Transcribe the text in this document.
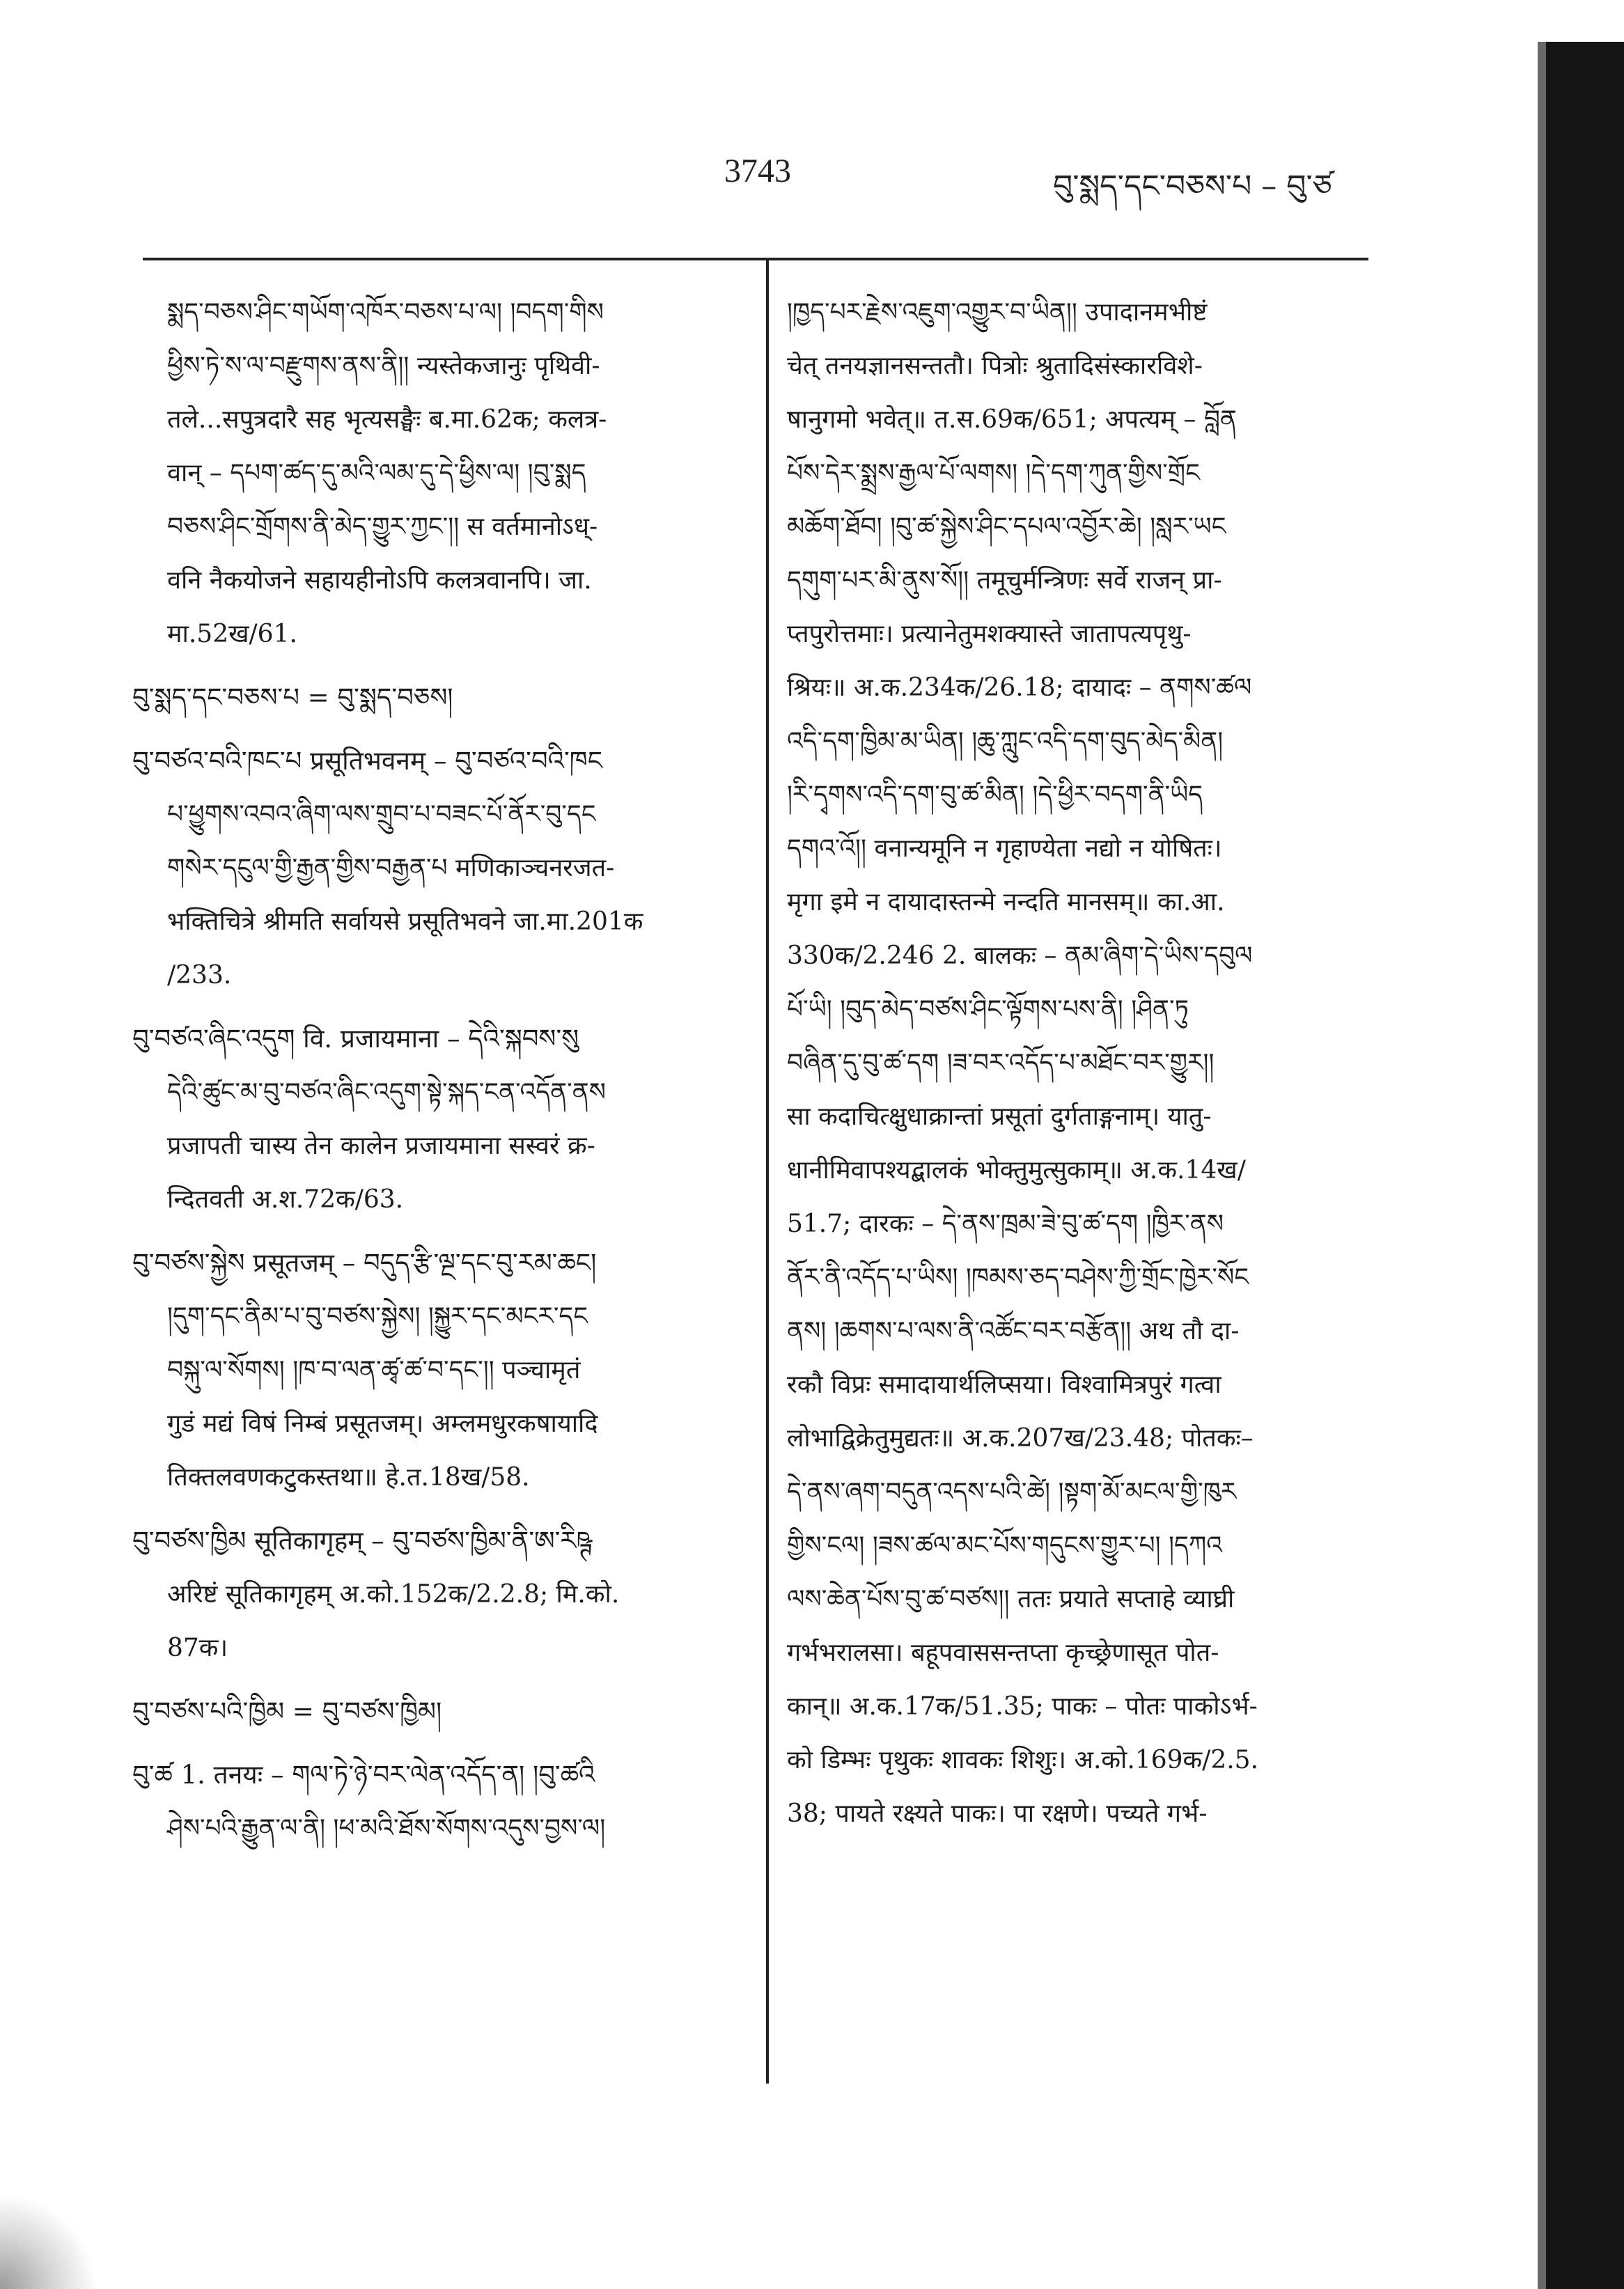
3743	བུ་སྨད་དང་བཅས་པ – བུ་ཙ
སྨད་བཅས་ཤིང་གཡོག་འཁོར་བཅས་པ་ལ། །བདག་གིས
ཕྱིས་ཏེ་ས་ལ་བརྫུགས་ནས་ནི།། न्यस्तेकजानुः पृथिवी-
तले...सपुत्रदारै सह भृत्यसङ्घैः ब.मा.62क; कलत्र-
वान् – དཔག་ཚད་དུ་མའི་ལམ་དུ་དེ་ཕྱིས་ལ། །བུ་སྨད
བཅས་ཤིང་གྲོགས་ནི་མེད་གྱུར་ཀྱང་།། स वर्तमानोऽध्-
वनि नैकयोजने सहायहीनोऽपि कलत्रवानपि। जा.
मा.52ख/61.
བུ་སྨད་དང་བཅས་པ = བུ་སྨད་བཅས།
བུ་བཙའ་བའི་ཁང་པ प्रसूतिभवनम् – བུ་བཙའ་བའི་ཁང
པ་ཕྱུགས་འབའ་ཞིག་ལས་གྲུབ་པ་བཟང་པོ་ནོར་བུ་དང
གསེར་དངུལ་གྱི་རྒྱན་གྱིས་བརྒྱན་པ मणिकाञ्चनरजत-
भक्तिचित्रे श्रीमति सर्वायसे प्रसूतिभवने जा.मा.201क
/233.
བུ་བཙའ་ཞིང་འདུག वि. प्रजायमाना – དེའི་སྐབས་སུ
དེའི་ཚུང་མ་བུ་བཙའ་ཞིང་འདུག་སྟེ་སྐད་ངན་འདོན་ནས
प्रजापती चास्य तेन कालेन प्रजायमाना सस्वरं क्र-
न्दितवती अ.श.72क/63.
བུ་བཙས་སྐྱེས प्रसूतजम् – བདུད་རྩི་ལྔ་དང་བུ་རམ་ཆང།
།དུག་དང་ནིམ་པ་བུ་བཙས་སྐྱེས། །སྐྱུར་དང་མངར་དང
བསྐུ་ལ་སོགས། །ཁ་བ་ལན་ཚྭ་ཚ་བ་དང་།། पञ्चामृतं
गुडं मद्यं विषं निम्बं प्रसूतजम्। अम्लमधुरकषायादि
तिक्तलवणकटुकस्तथा॥ हे.त.18ख/58.
བུ་བཙས་ཁྱིམ सूतिकागृहम् – བུ་བཙས་ཁྱིམ་ནི་ཨ་རིཥྚ
अरिष्टं सूतिकागृहम् अ.को.152क/2.2.8; मि.को.
87क।
བུ་བཙས་པའི་ཁྱིམ = བུ་བཙས་ཁྱིམ།
བུ་ཚ 1. तनयः – གལ་ཏེ་ཉེ་བར་ལེན་འདོད་ན། །བུ་ཚའི
ཤེས་པའི་རྒྱུན་ལ་ནི། །ཕ་མའི་ཐོས་སོགས་འདུས་བྱས་ལ།
།ཁྱད་པར་རྗེས་འཇུག་འགྱུར་བ་ཡིན།། उपादानमभीष्टं
चेत् तनयज्ञानसन्ततौ। पित्रोः श्रुतादिसंस्कारविशे-
षानुगमो भवेत्॥ त.स.69क/651; अपत्यम् – བློན
པོས་དེར་སྨྲས་རྒྱལ་པོ་ལགས། །དེ་དག་ཀུན་གྱིས་གྲོང
མཆོག་ཐོབ། །བུ་ཚ་སྐྱེས་ཤིང་དཔལ་འབྱོར་ཆེ། །སླར་ཡང
དགུག་པར་མི་ནུས་སོ།། तमूचुर्मन्त्रिणः सर्वे राजन् प्रा-
प्तपुरोत्तमाः। प्रत्यानेतुमशक्यास्ते जातापत्यपृथु-
श्रियः॥ अ.क.234क/26.18; दायादः – ནགས་ཚལ
འདི་དག་ཁྱིམ་མ་ཡིན། །ཆུ་ཀླུང་འདི་དག་བུད་མེད་མིན།
།རི་དྭགས་འདི་དག་བུ་ཚ་མིན། །དེ་ཕྱིར་བདག་ནི་ཡིད
དགའ་འོ།། वनान्यमूनि न गृहाण्येता नद्यो न योषितः।
मृगा इमे न दायादास्तन्मे नन्दति मानसम्॥ का.आ.
330क/2.246 2. बालकः – ནམ་ཞིག་དེ་ཡིས་དབུལ
པོ་ཡི། །བུད་མེད་བཙས་ཤིང་ལྟོགས་པས་ནི། །ཤིན་ཏུ
བཞིན་དུ་བུ་ཚ་དག །ཟ་བར་འདོད་པ་མཐོང་བར་གྱུར།།
सा कदाचित्क्षुधाक्रान्तां प्रसूतां दुर्गताङ्गनाम्। यातु-
धानीमिवापश्यद्बालकं भोक्तुमुत्सुकाम्॥ अ.क.14ख/
51.7; दारकः – དེ་ནས་ཁྲམ་ཟེ་བུ་ཚ་དག །ཁྱིར་ནས
ནོར་ནི་འདོད་པ་ཡིས། །ཁམས་ཅད་བཤེས་ཀྱི་གྲོང་ཁྱེར་སོང
ནས། །ཆགས་པ་ལས་ནི་འཚོང་བར་བརྩོན།། अथ तौ दा-
रकौ विप्रः समादायार्थलिप्सया। विश्वामित्रपुरं गत्वा
लोभाद्विक्रेतुमुद्यतः॥ अ.क.207ख/23.48; पोतकः–
དེ་ནས་ཞག་བདུན་འདས་པའི་ཚེ། །སྟག་མོ་མངལ་གྱི་ཁུར
གྱིས་ངལ། །ཟས་ཚལ་མང་པོས་གདུངས་གྱུར་པ། །དཀའ
ལས་ཆེན་པོས་བུ་ཚ་བཙས།། ततः प्रयाते सप्ताहे व्याघ्री
गर्भभरालसा। बहूपवाससन्तप्ता कृच्छ्रेणासूत पोत-
कान्॥ अ.क.17क/51.35; पाकः – पोतः पाकोऽर्भ-
को डिम्भः पृथुकः शावकः शिशुः। अ.को.169क/2.5.
38; पायते रक्ष्यते पाकः। पा रक्षणे। पच्यते गर्भ-
